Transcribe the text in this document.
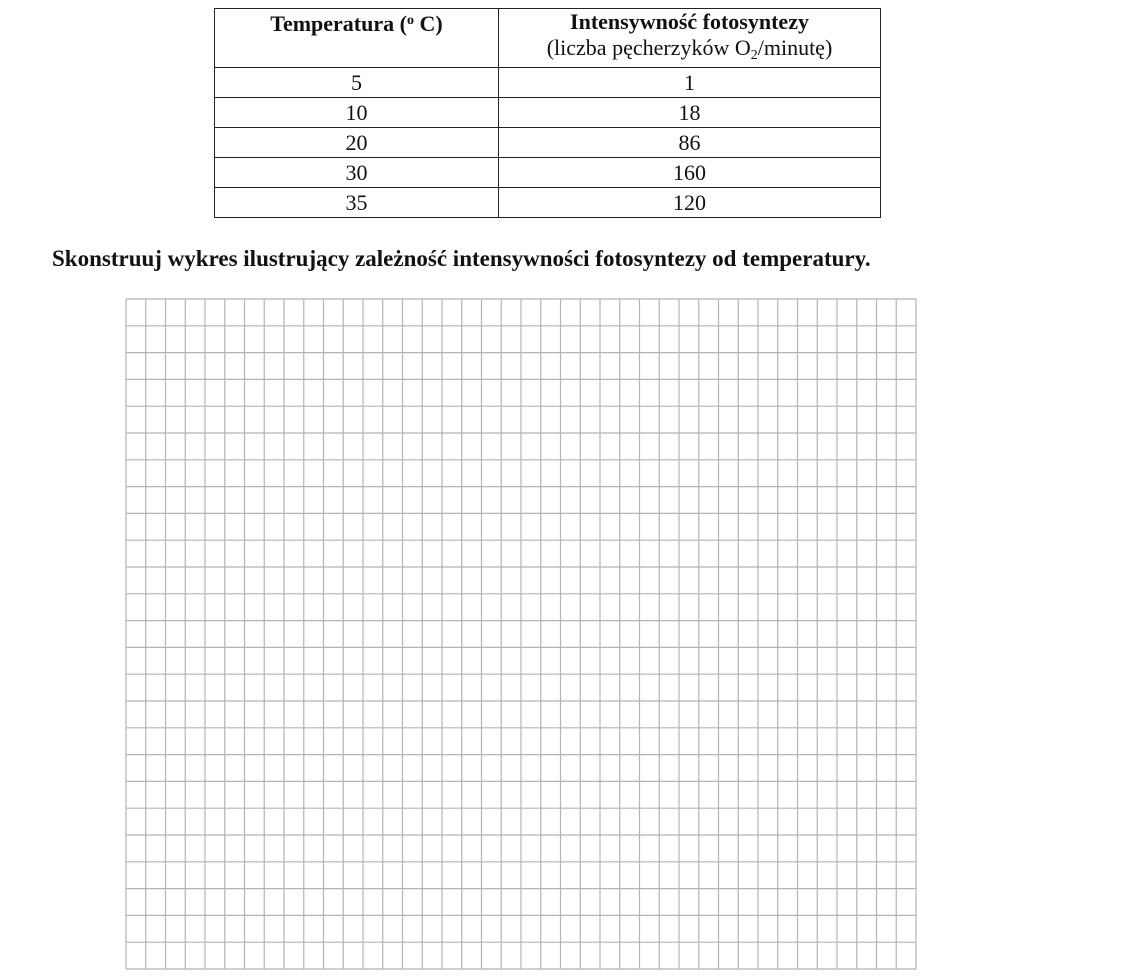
Temperatura ($^o$ C)	Intensywność fotosyntezy
(liczba pęcherzyków $O_2/minutę$)

5	1
10	18
20	86
30	160
35	120

Skonstruuj wykres ilustrujący zależność intensywności fotosyntezy od temperatury.
